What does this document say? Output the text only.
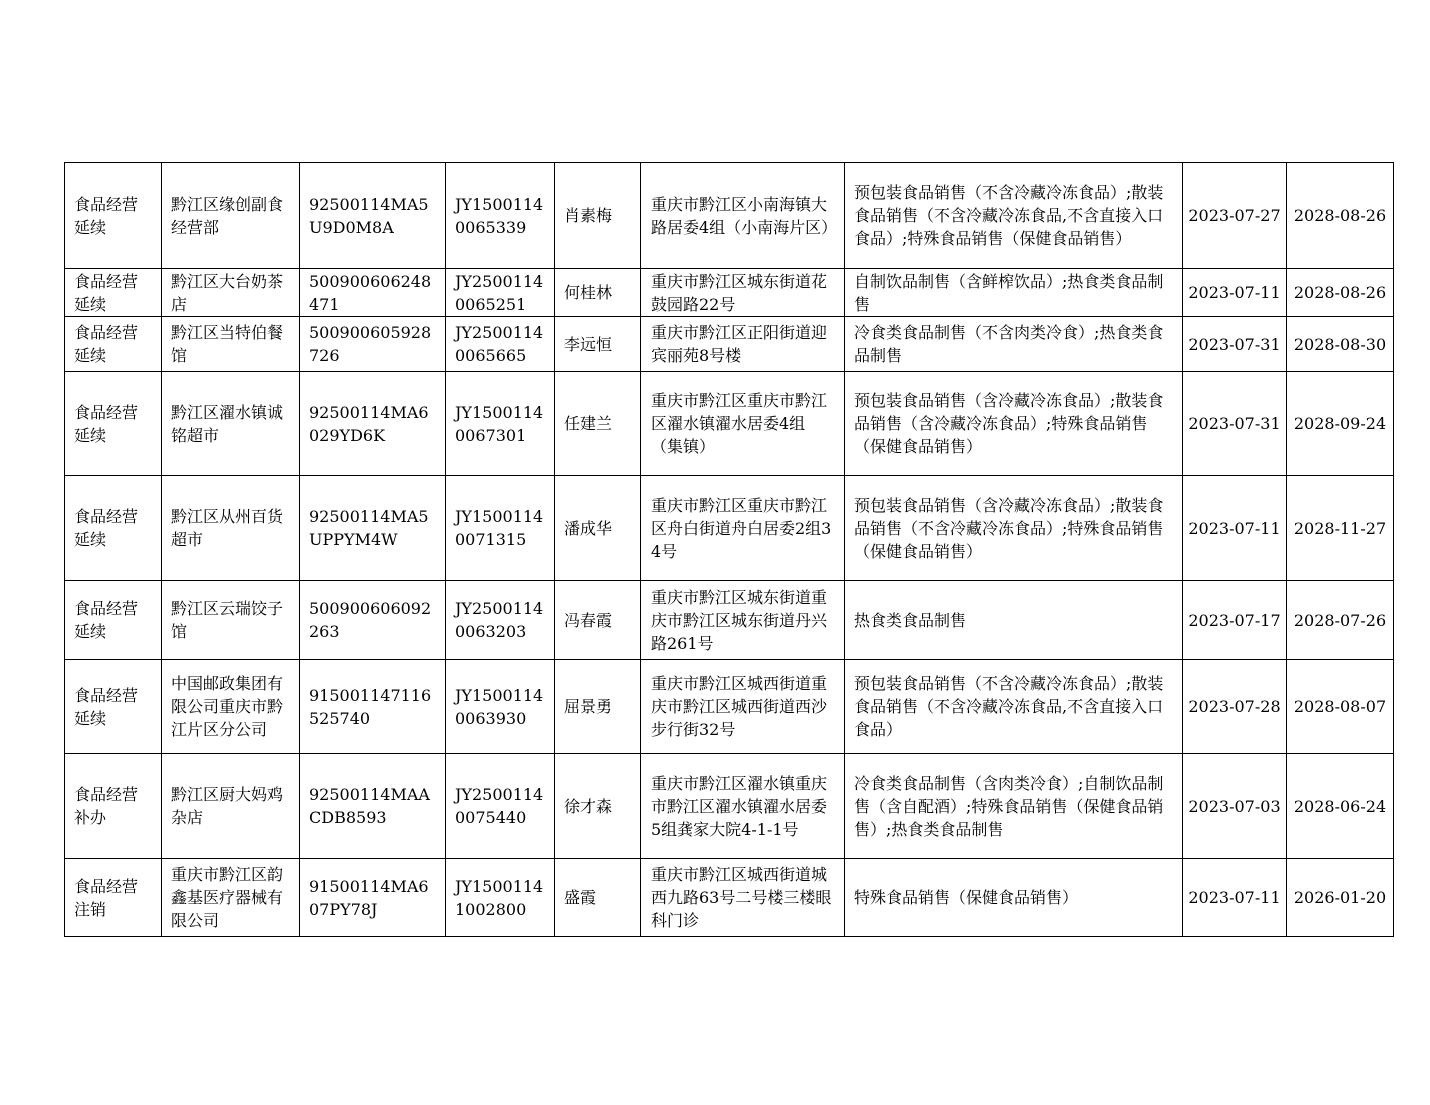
食品经营延续	黔江区缘创副食经营部	92500114MA5U9D0M8A	JY15001140065339	肖素梅	重庆市黔江区小南海镇大路居委4组（小南海片区）	预包装食品销售（不含冷藏冷冻食品）;散装食品销售（不含冷藏冷冻食品,不含直接入口食品）;特殊食品销售（保健食品销售）	2023-07-27	2028-08-26
食品经营延续	黔江区大台奶茶店	500900606248471	JY25001140065251	何桂林	重庆市黔江区城东街道花鼓园路22号	自制饮品制售（含鲜榨饮品）;热食类食品制售	2023-07-11	2028-08-26
食品经营延续	黔江区当特伯餐馆	500900605928726	JY25001140065665	李远恒	重庆市黔江区正阳街道迎宾丽苑8号楼	冷食类食品制售（不含肉类冷食）;热食类食品制售	2023-07-31	2028-08-30
食品经营延续	黔江区濯水镇诚铭超市	92500114MA6029YD6K	JY15001140067301	任建兰	重庆市黔江区重庆市黔江区濯水镇濯水居委4组（集镇）	预包装食品销售（含冷藏冷冻食品）;散装食品销售（含冷藏冷冻食品）;特殊食品销售（保健食品销售）	2023-07-31	2028-09-24
食品经营延续	黔江区从州百货超市	92500114MA5UPPYM4W	JY15001140071315	潘成华	重庆市黔江区重庆市黔江区舟白街道舟白居委2组34号	预包装食品销售（含冷藏冷冻食品）;散装食品销售（不含冷藏冷冻食品）;特殊食品销售（保健食品销售）	2023-07-11	2028-11-27
食品经营延续	黔江区云瑞饺子馆	500900606092263	JY25001140063203	冯春霞	重庆市黔江区城东街道重庆市黔江区城东街道丹兴路261号	热食类食品制售	2023-07-17	2028-07-26
食品经营延续	中国邮政集团有限公司重庆市黔江片区分公司	915001147116525740	JY15001140063930	屈景勇	重庆市黔江区城西街道重庆市黔江区城西街道西沙步行街32号	预包装食品销售（不含冷藏冷冻食品）;散装食品销售（不含冷藏冷冻食品,不含直接入口食品）	2023-07-28	2028-08-07
食品经营补办	黔江区厨大妈鸡杂店	92500114MAACDB8593	JY25001140075440	徐才森	重庆市黔江区濯水镇重庆市黔江区濯水镇濯水居委5组龚家大院4-1-1号	冷食类食品制售（含肉类冷食）;自制饮品制售（含自配酒）;特殊食品销售（保健食品销售）;热食类食品制售	2023-07-03	2028-06-24
食品经营注销	重庆市黔江区韵鑫基医疗器械有限公司	91500114MA607PY78J	JY15001141002800	盛霞	重庆市黔江区城西街道城西九路63号二号楼三楼眼科门诊	特殊食品销售（保健食品销售）	2023-07-11	2026-01-20
